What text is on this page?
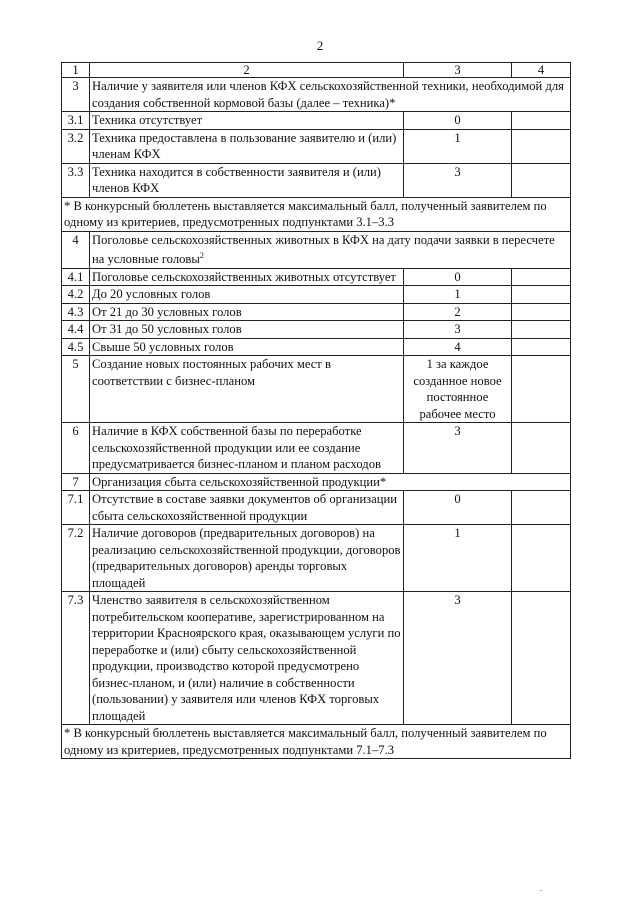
2
1	2	3	4
3	Наличие у заявителя или членов КФХ сельскохозяйственной техники, необходимой для создания собственной кормовой базы (далее – техника)*		
3.1	Техника отсутствует	0	
3.2	Техника предоставлена в пользование заявителю и (или) членам КФХ	1	
3.3	Техника находится в собственности заявителя и (или) членов КФХ	3	
* В конкурсный бюллетень выставляется максимальный балл, полученный заявителем по одному из критериев, предусмотренных подпунктами 3.1–3.3			
4	Поголовье сельскохозяйственных животных в КФХ на дату подачи заявки в пересчете на условные головы$^2$
4.1	Поголовье сельскохозяйственных животных отсутствует	0	
4.2	До 20 условных голов	1	
4.3	От 21 до 30 условных голов	2	
4.4	От 31 до 50 условных голов	3	
4.5	Свыше 50 условных голов	4	
5	Создание новых постоянных рабочих мест в соответствии с бизнес-планом	1 за каждое созданное новое постоянное рабочее место	
6	Наличие в КФХ собственной базы по переработке сельскохозяйственной продукции или ее создание предусматривается бизнес-планом и планом расходов	3	
7	Организация сбыта сельскохозяйственной продукции*		
7.1	Отсутствие в составе заявки документов об организации сбыта сельскохозяйственной продукции	0	
7.2	Наличие договоров (предварительных договоров) на реализацию сельскохозяйственной продукции, договоров (предварительных договоров) аренды торговых площадей	1	
7.3	Членство заявителя в сельскохозяйственном потребительском кооперативе, зарегистрированном на территории Красноярского края, оказывающем услуги по переработке и (или) сбыту сельскохозяйственной продукции, производство которой предусмотрено бизнес-планом, и (или) наличие в собственности (пользовании) у заявителя или членов КФХ торговых площадей	3	
* В конкурсный бюллетень выставляется максимальный балл, полученный заявителем по одному из критериев, предусмотренных подпунктами 7.1–7.3			
.
